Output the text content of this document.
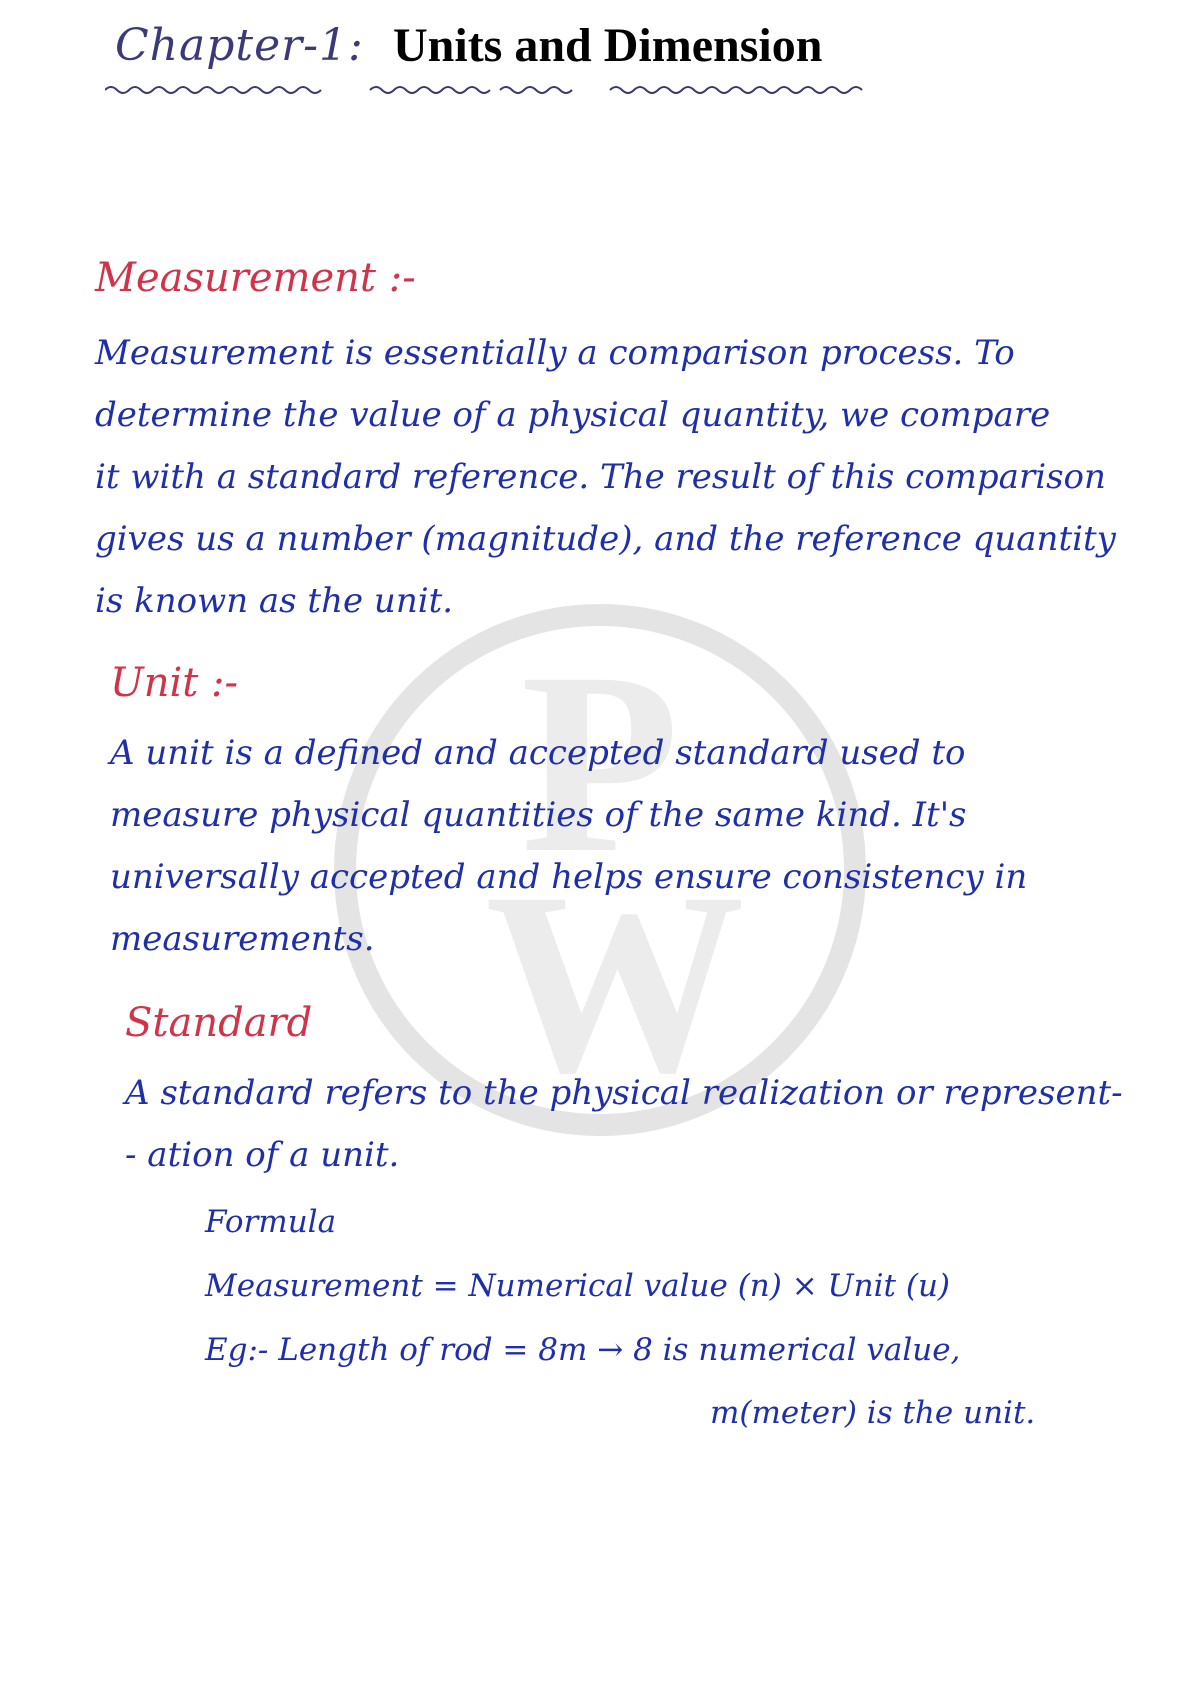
P
W
Chapter-1: Units and Dimension
Measurement :-

Measurement is essentially a comparison process. To
determine the value of a physical quantity, we compare
it with a standard reference. The result of this comparison
gives us a number (magnitude), and the reference quantity
is known as the unit.

Unit :-

A unit is a defined and accepted standard used to
measure physical quantities of the same kind. It's
universally accepted and helps ensure consistency in
measurements.

Standard

A standard refers to the physical realization or represent-
- ation of a unit.

Formula
Measurement = Numerical value (n) × Unit (u)
Eg:- Length of rod = 8m → 8 is numerical value,

m(meter) is the unit.
